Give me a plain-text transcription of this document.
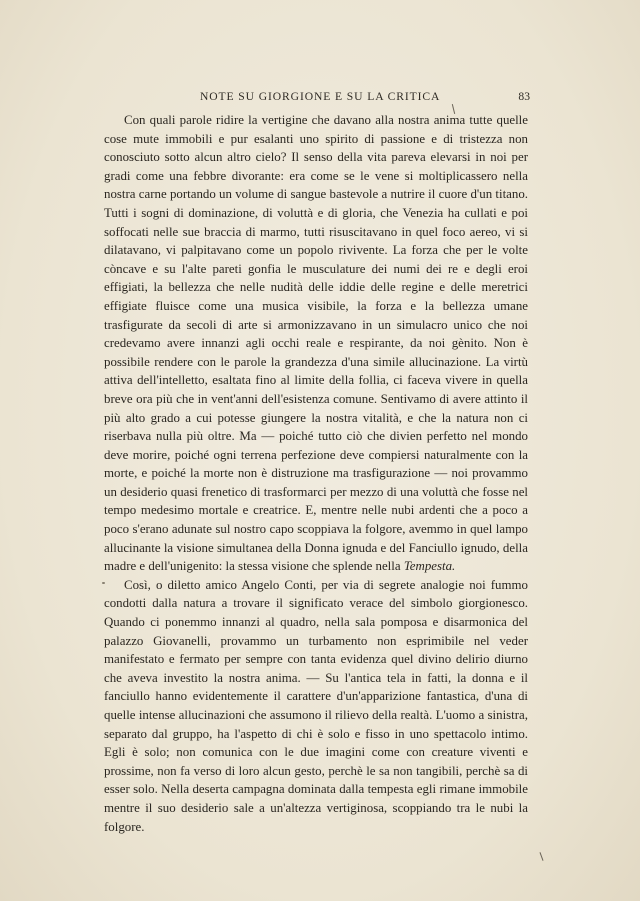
NOTE SU GIORGIONE E SU LA CRITICA	83

Con quali parole ridire la vertigine che davano alla nostra anima tutte quelle cose mute immobili e pur esalanti uno spirito di passione e di tristezza non conosciuto sotto alcun altro cielo? Il senso della vita pareva elevarsi in noi per gradi come una febbre divorante: era come se le vene si moltiplicassero nella nostra carne portando un volume di sangue bastevole a nutrire il cuore d'un titano. Tutti i sogni di dominazione, di voluttà e di gloria, che Venezia ha cullati e poi soffocati nelle sue braccia di marmo, tutti risuscitavano in quel foco aereo, vi si dilatavano, vi palpitavano come un popolo rivivente. La forza che per le volte còncave e su l'alte pareti gonfia le musculature dei numi dei re e degli eroi effigiati, la bellezza che nelle nudità delle iddie delle regine e delle meretrici effigiate fluisce come una musica visibile, la forza e la bellezza umane trasfigurate da secoli di arte si armonizzavano in un simulacro unico che noi credevamo avere innanzi agli occhi reale e respirante, da noi gènito. Non è possibile rendere con le parole la grandezza d'una simile allucinazione. La virtù attiva dell'intelletto, esaltata fino al limite della follia, ci faceva vivere in quella breve ora più che in vent'anni dell'esistenza comune. Sentivamo di avere attinto il più alto grado a cui potesse giungere la nostra vitalità, e che la natura non ci riserbava nulla più oltre. Ma — poiché tutto ciò che divien perfetto nel mondo deve morire, poiché ogni terrena perfezione deve compiersi naturalmente con la morte, e poiché la morte non è distruzione ma trasfigurazione — noi provammo un desiderio quasi frenetico di trasformarci per mezzo di una voluttà che fosse nel tempo medesimo mortale e creatrice. E, mentre nelle nubi ardenti che a poco a poco s'erano adunate sul nostro capo scoppiava la folgore, avemmo in quel lampo allucinante la visione simultanea della Donna ignuda e del Fanciullo ignudo, della madre e dell'unigenito: la stessa visione che splende nella Tempesta.

Così, o diletto amico Angelo Conti, per via di segrete analogie noi fummo condotti dalla natura a trovare il significato verace del simbolo giorgionesco. Quando ci ponemmo innanzi al quadro, nella sala pomposa e disarmonica del palazzo Giovanelli, provammo un turbamento non esprimibile nel veder manifestato e fermato per sempre con tanta evidenza quel divino delirio diurno che aveva investito la nostra anima. — Su l'antica tela in fatti, la donna e il fanciullo hanno evidentemente il carattere d'un'apparizione fantastica, d'una di quelle intense allucinazioni che assumono il rilievo della realtà. L'uomo a sinistra, separato dal gruppo, ha l'aspetto di chi è solo e fisso in uno spettacolo intimo. Egli è solo; non comunica con le due imagini come con creature viventi e prossime, non fa verso di loro alcun gesto, perchè le sa non tangibili, perchè sa di esser solo. Nella deserta campagna dominata dalla tempesta egli rimane immobile mentre il suo desiderio sale a un'altezza vertiginosa, scoppiando tra le nubi la folgore.
